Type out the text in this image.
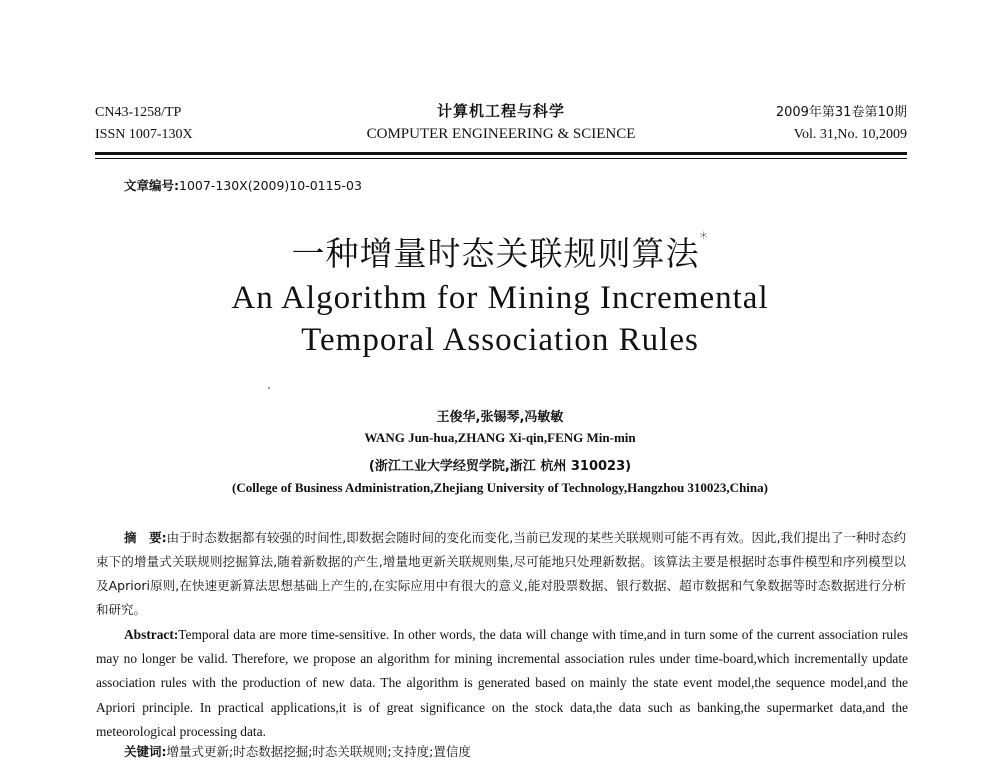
CN43-1258/TP	计算机工程与科学	2009年第31卷第10期
ISSN 1007-130X	COMPUTER ENGINEERING & SCIENCE	Vol. 31,No. 10,2009
文章编号:1007-130X(2009)10-0115-03
一种增量时态关联规则算法*
An Algorithm for Mining Incremental
Temporal Association Rules
王俊华,张锡琴,冯敏敏
WANG Jun-hua,ZHANG Xi-qin,FENG Min-min
(浙江工业大学经贸学院,浙江 杭州 310023)
(College of Business Administration,Zhejiang University of Technology,Hangzhou 310023,China)
摘　要:由于时态数据都有较强的时间性,即数据会随时间的变化而变化,当前已发现的某些关联规则可能不再有效。因此,我们提出了一种时态约束下的增量式关联规则挖掘算法,随着新数据的产生,增量地更新关联规则集,尽可能地只处理新数据。该算法主要是根据时态事件模型和序列模型以及Apriori原则,在快速更新算法思想基础上产生的,在实际应用中有很大的意义,能对股票数据、银行数据、超市数据和气象数据等时态数据进行分析和研究。
Abstract:Temporal data are more time-sensitive. In other words, the data will change with time,and in turn some of the current association rules may no longer be valid. Therefore, we propose an algorithm for mining incremental association rules under time-board,which incrementally update association rules with the production of new data. The algorithm is generated based on mainly the state event model,the sequence model,and the Apriori principle. In practical applications,it is of great significance on the stock data,the data such as banking,the supermarket data,and the meteorological processing data.
关键词:增量式更新;时态数据挖掘;时态关联规则;支持度;置信度
